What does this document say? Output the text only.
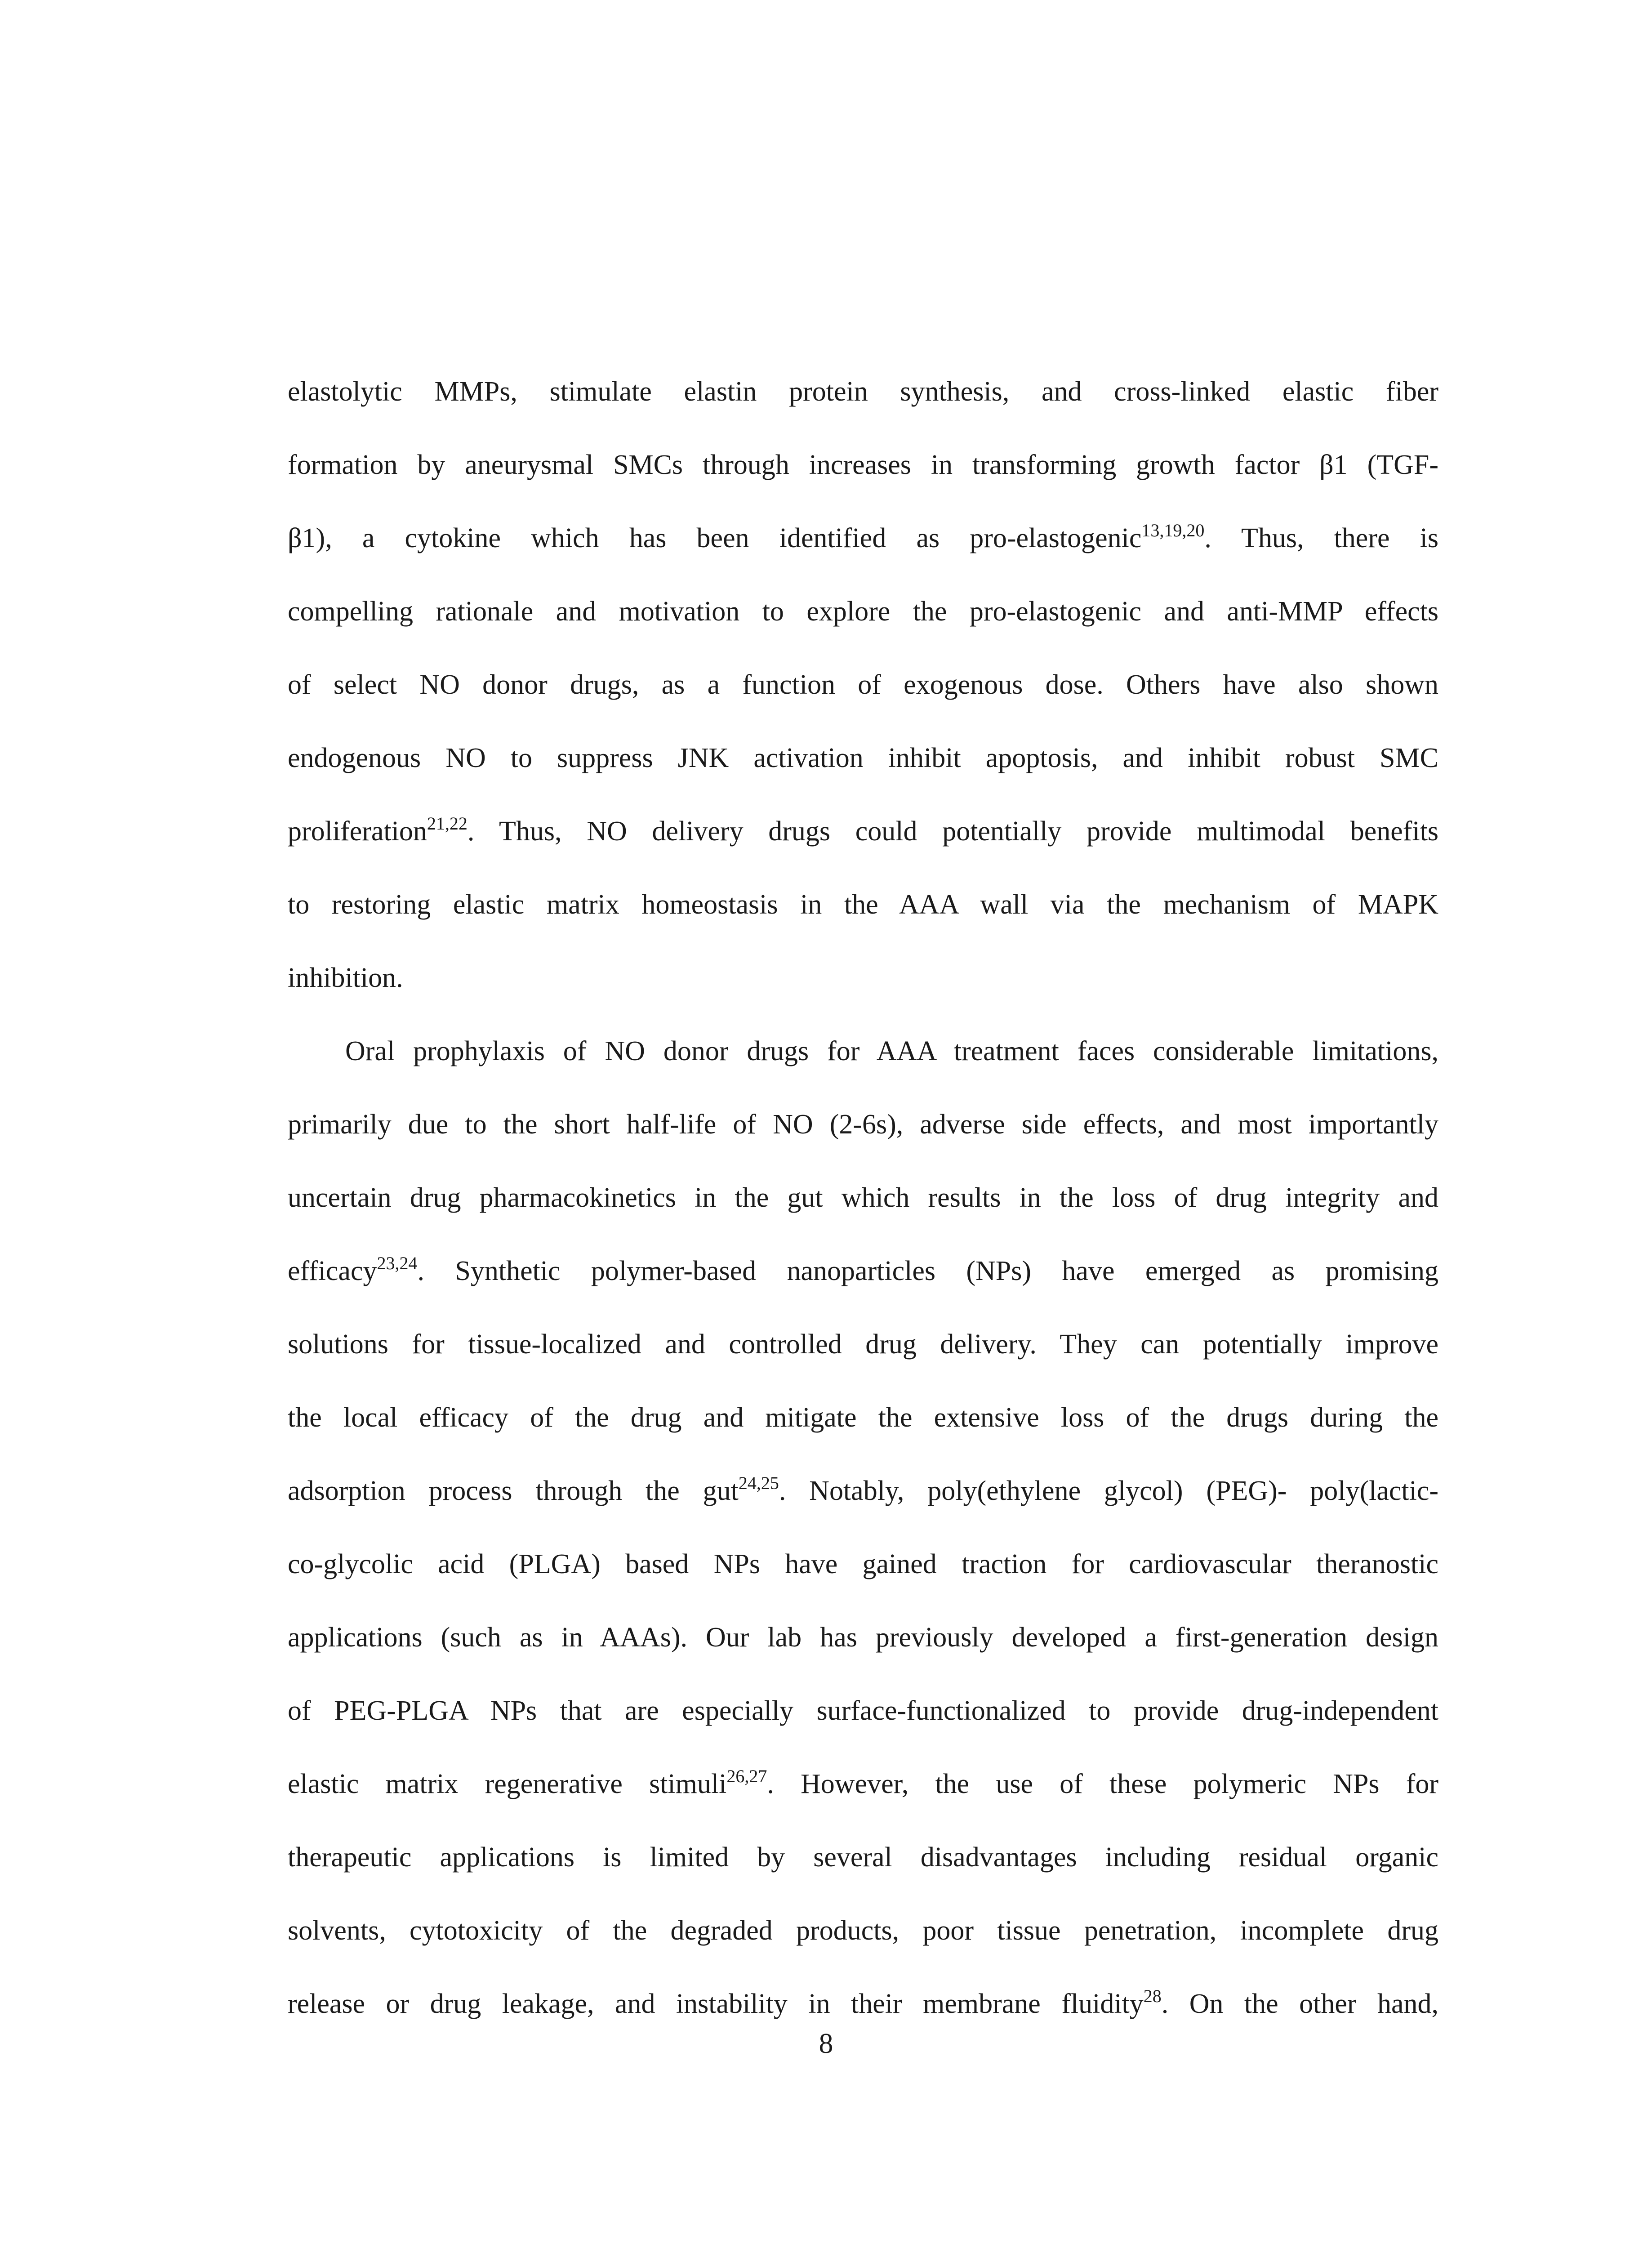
elastolytic MMPs, stimulate elastin protein synthesis, and cross-linked elastic fiber
formation by aneurysmal SMCs through increases in transforming growth factor β1 (TGF-
β1), a cytokine which has been identified as pro-elastogenic$^{13,19,20}$. Thus, there is
compelling rationale and motivation to explore the pro-elastogenic and anti-MMP effects
of select NO donor drugs, as a function of exogenous dose. Others have also shown
endogenous NO to suppress JNK activation inhibit apoptosis, and inhibit robust SMC
proliferation$^{21,22}$. Thus, NO delivery drugs could potentially provide multimodal benefits
to restoring elastic matrix homeostasis in the AAA wall via the mechanism of MAPK
inhibition.
Oral prophylaxis of NO donor drugs for AAA treatment faces considerable limitations,
primarily due to the short half-life of NO (2-6s), adverse side effects, and most importantly
uncertain drug pharmacokinetics in the gut which results in the loss of drug integrity and
efficacy$^{23,24}$. Synthetic polymer-based nanoparticles (NPs) have emerged as promising
solutions for tissue-localized and controlled drug delivery. They can potentially improve
the local efficacy of the drug and mitigate the extensive loss of the drugs during the
adsorption process through the gut$^{24,25}$. Notably, poly(ethylene glycol) (PEG)- poly(lactic-
co-glycolic acid (PLGA) based NPs have gained traction for cardiovascular theranostic
applications (such as in AAAs). Our lab has previously developed a first-generation design
of PEG-PLGA NPs that are especially surface-functionalized to provide drug-independent
elastic matrix regenerative stimuli$^{26,27}$. However, the use of these polymeric NPs for
therapeutic applications is limited by several disadvantages including residual organic
solvents, cytotoxicity of the degraded products, poor tissue penetration, incomplete drug
release or drug leakage, and instability in their membrane fluidity$^{28}$. On the other hand,
8
